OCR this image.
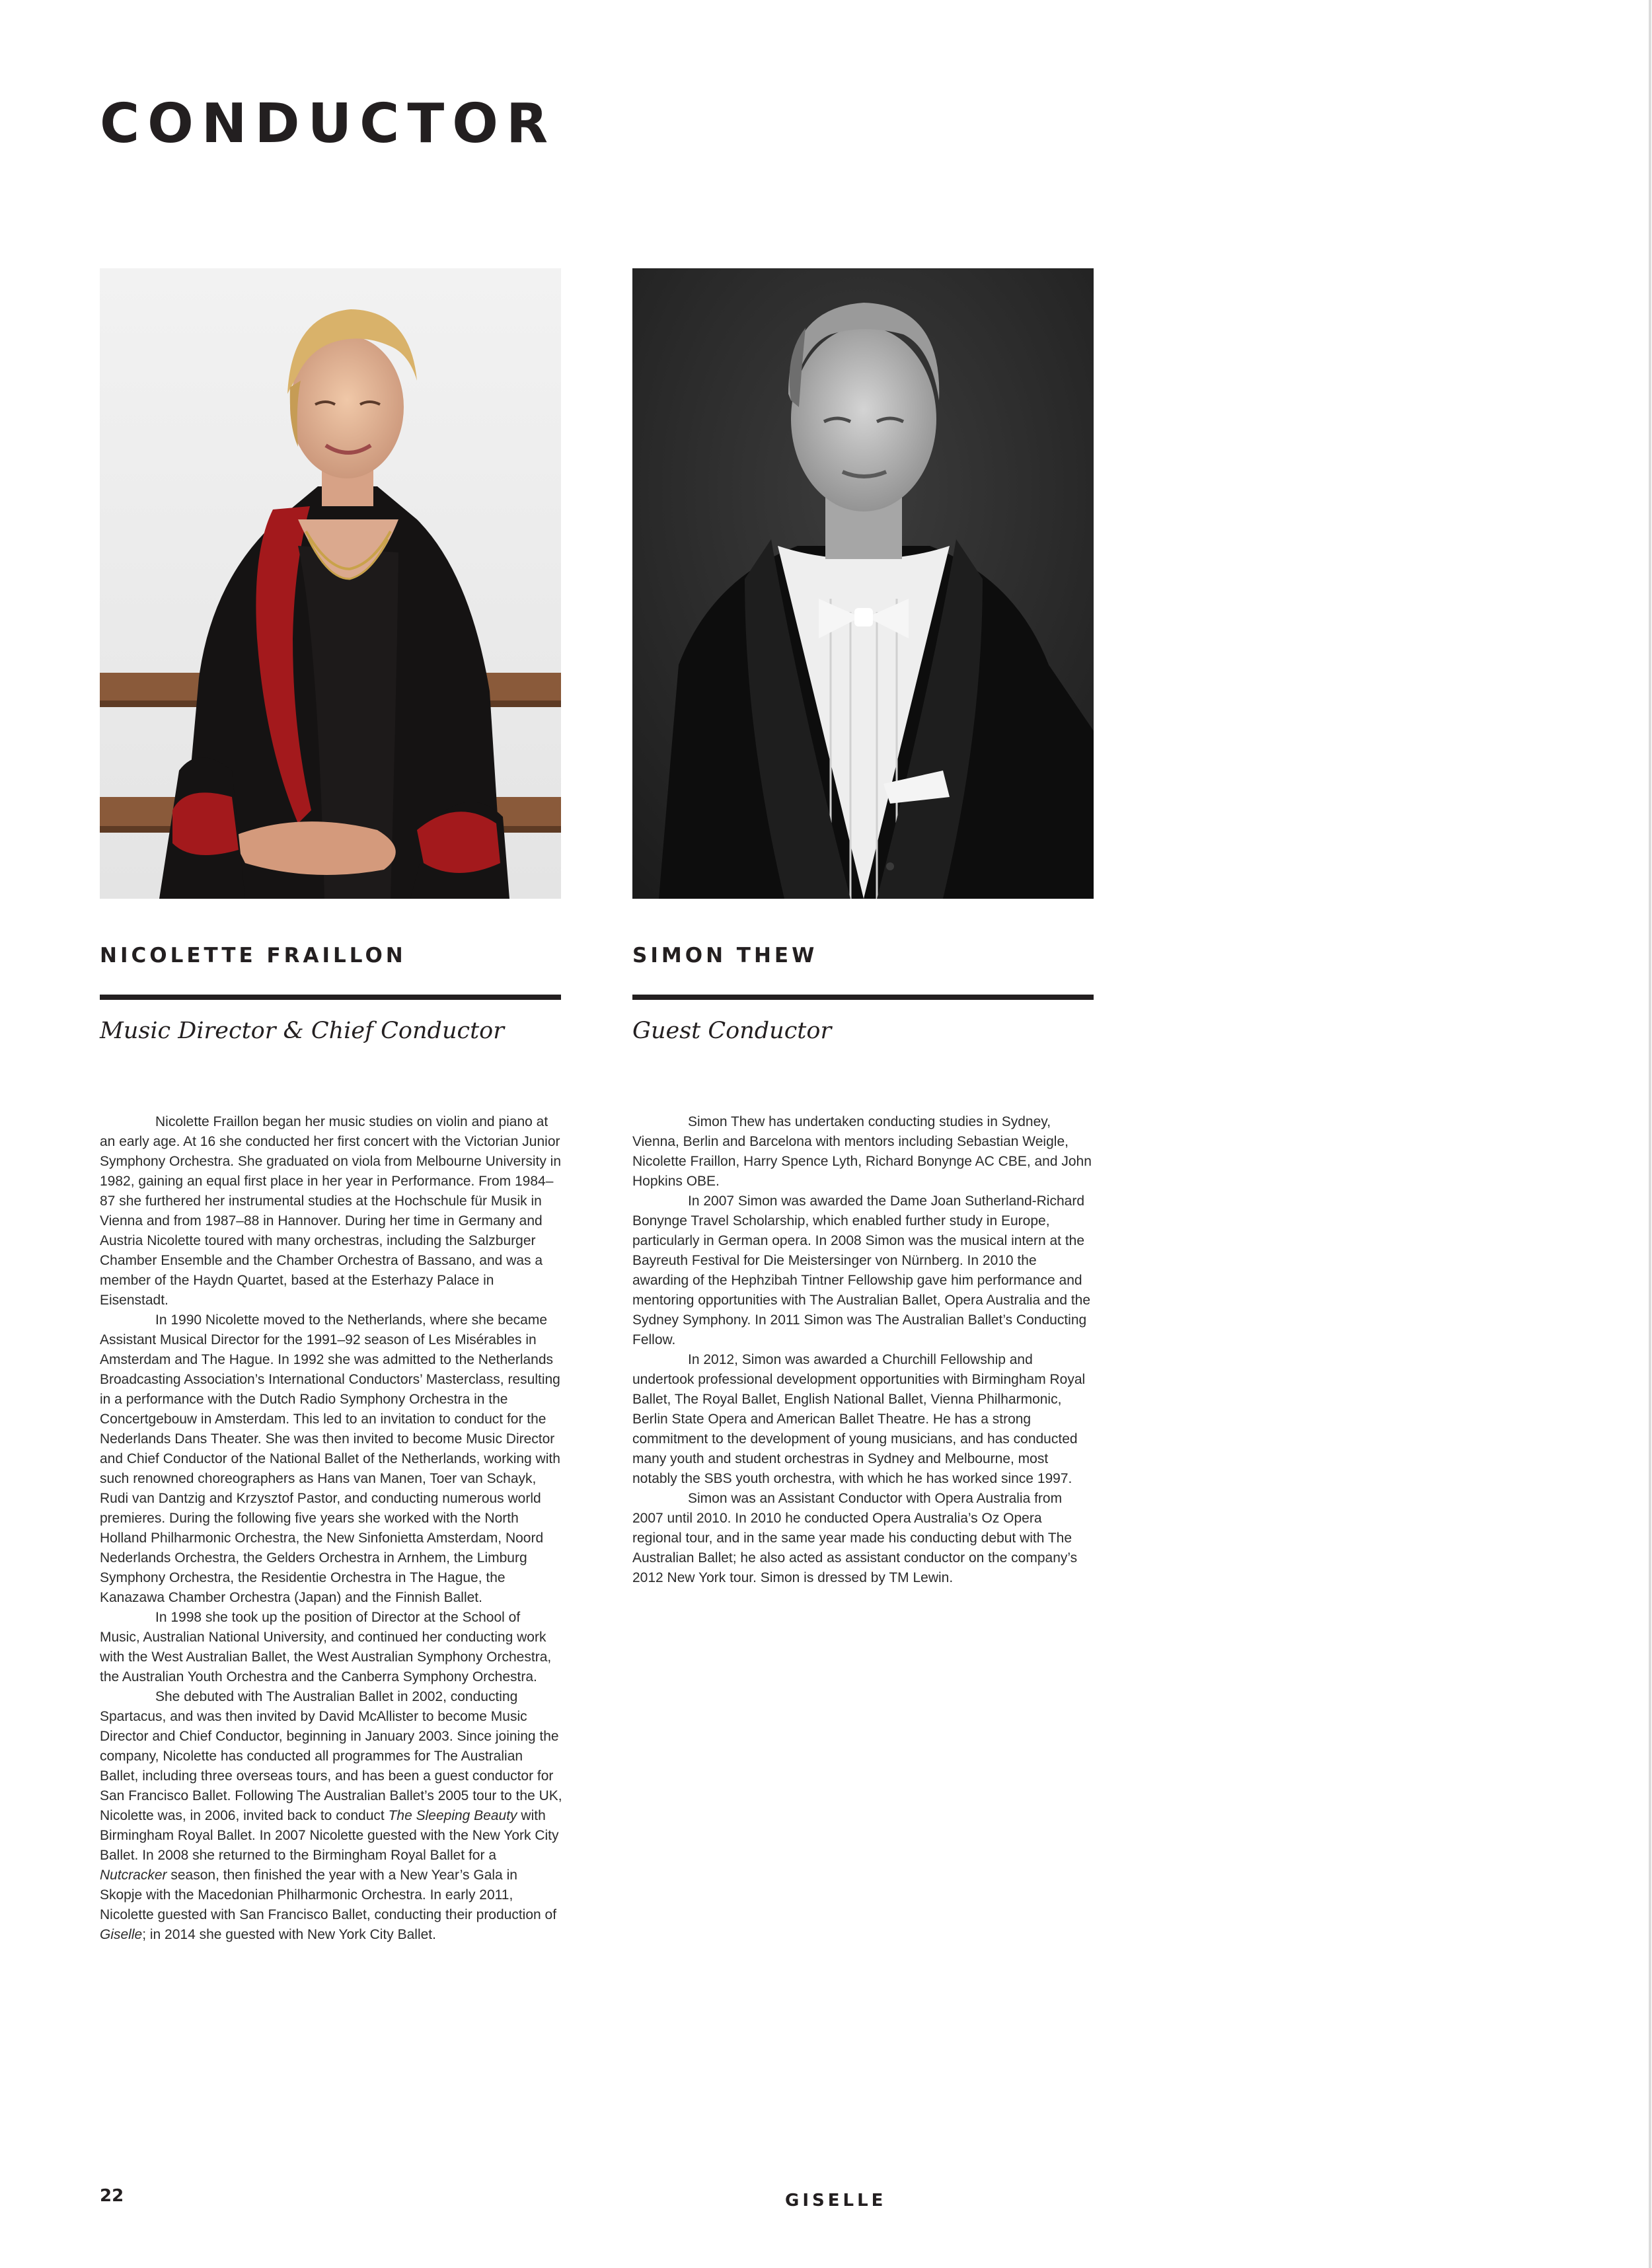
CONDUCTOR
NICOLETTE FRAILLON

Music Director & Chief Conductor

SIMON THEW

Guest Conductor

Nicolette Fraillon began her music studies on violin and piano at an early age. At 16 she conducted her first concert with the Victorian Junior Symphony Orchestra. She graduated on viola from Melbourne University in 1982, gaining an equal first place in her year in Performance. From 1984–87 she furthered her instrumental studies at the Hochschule für Musik in Vienna and from 1987–88 in Hannover. During her time in Germany and Austria Nicolette toured with many orchestras, including the Salzburger Chamber Ensemble and the Chamber Orchestra of Bassano, and was a member of the Haydn Quartet, based at the Esterhazy Palace in Eisenstadt.

In 1990 Nicolette moved to the Netherlands, where she became Assistant Musical Director for the 1991–92 season of Les Misérables in Amsterdam and The Hague. In 1992 she was admitted to the Netherlands Broadcasting Association’s International Conductors’ Masterclass, resulting in a performance with the Dutch Radio Symphony Orchestra in the Concertgebouw in Amsterdam. This led to an invitation to conduct for the Nederlands Dans Theater. She was then invited to become Music Director and Chief Conductor of the National Ballet of the Netherlands, working with such renowned choreographers as Hans van Manen, Toer van Schayk, Rudi van Dantzig and Krzysztof Pastor, and conducting numerous world premieres. During the following five years she worked with the North Holland Philharmonic Orchestra, the New Sinfonietta Amsterdam, Noord Nederlands Orchestra, the Gelders Orchestra in Arnhem, the Limburg Symphony Orchestra, the Residentie Orchestra in The Hague, the Kanazawa Chamber Orchestra (Japan) and the Finnish Ballet.

In 1998 she took up the position of Director at the School of Music, Australian National University, and continued her conducting work with the West Australian Ballet, the West Australian Symphony Orchestra, the Australian Youth Orchestra and the Canberra Symphony Orchestra.

She debuted with The Australian Ballet in 2002, conducting Spartacus, and was then invited by David McAllister to become Music Director and Chief Conductor, beginning in January 2003. Since joining the company, Nicolette has conducted all programmes for The Australian Ballet, including three overseas tours, and has been a guest conductor for San Francisco Ballet. Following The Australian Ballet’s 2005 tour to the UK, Nicolette was, in 2006, invited back to conduct The Sleeping Beauty with Birmingham Royal Ballet. In 2007 Nicolette guested with the New York City Ballet. In 2008 she returned to the Birmingham Royal Ballet for a Nutcracker season, then finished the year with a New Year’s Gala in Skopje with the Macedonian Philharmonic Orchestra. In early 2011, Nicolette guested with San Francisco Ballet, conducting their production of Giselle; in 2014 she guested with New York City Ballet.

Simon Thew has undertaken conducting studies in Sydney, Vienna, Berlin and Barcelona with mentors including Sebastian Weigle, Nicolette Fraillon, Harry Spence Lyth, Richard Bonynge AC CBE, and John Hopkins OBE.

In 2007 Simon was awarded the Dame Joan Sutherland-Richard Bonynge Travel Scholarship, which enabled further study in Europe, particularly in German opera. In 2008 Simon was the musical intern at the Bayreuth Festival for Die Meistersinger von Nürnberg. In 2010 the awarding of the Hephzibah Tintner Fellowship gave him performance and mentoring opportunities with The Australian Ballet, Opera Australia and the Sydney Symphony. In 2011 Simon was The Australian Ballet’s Conducting Fellow.

In 2012, Simon was awarded a Churchill Fellowship and undertook professional development opportunities with Birmingham Royal Ballet, The Royal Ballet, English National Ballet, Vienna Philharmonic, Berlin State Opera and American Ballet Theatre. He has a strong commitment to the development of young musicians, and has conducted many youth and student orchestras in Sydney and Melbourne, most notably the SBS youth orchestra, with which he has worked since 1997.

Simon was an Assistant Conductor with Opera Australia from 2007 until 2010. In 2010 he conducted Opera Australia’s Oz Opera regional tour, and in the same year made his conducting debut with The Australian Ballet; he also acted as assistant conductor on the company’s 2012 New York tour. Simon is dressed by TM Lewin.

22	GISELLE
